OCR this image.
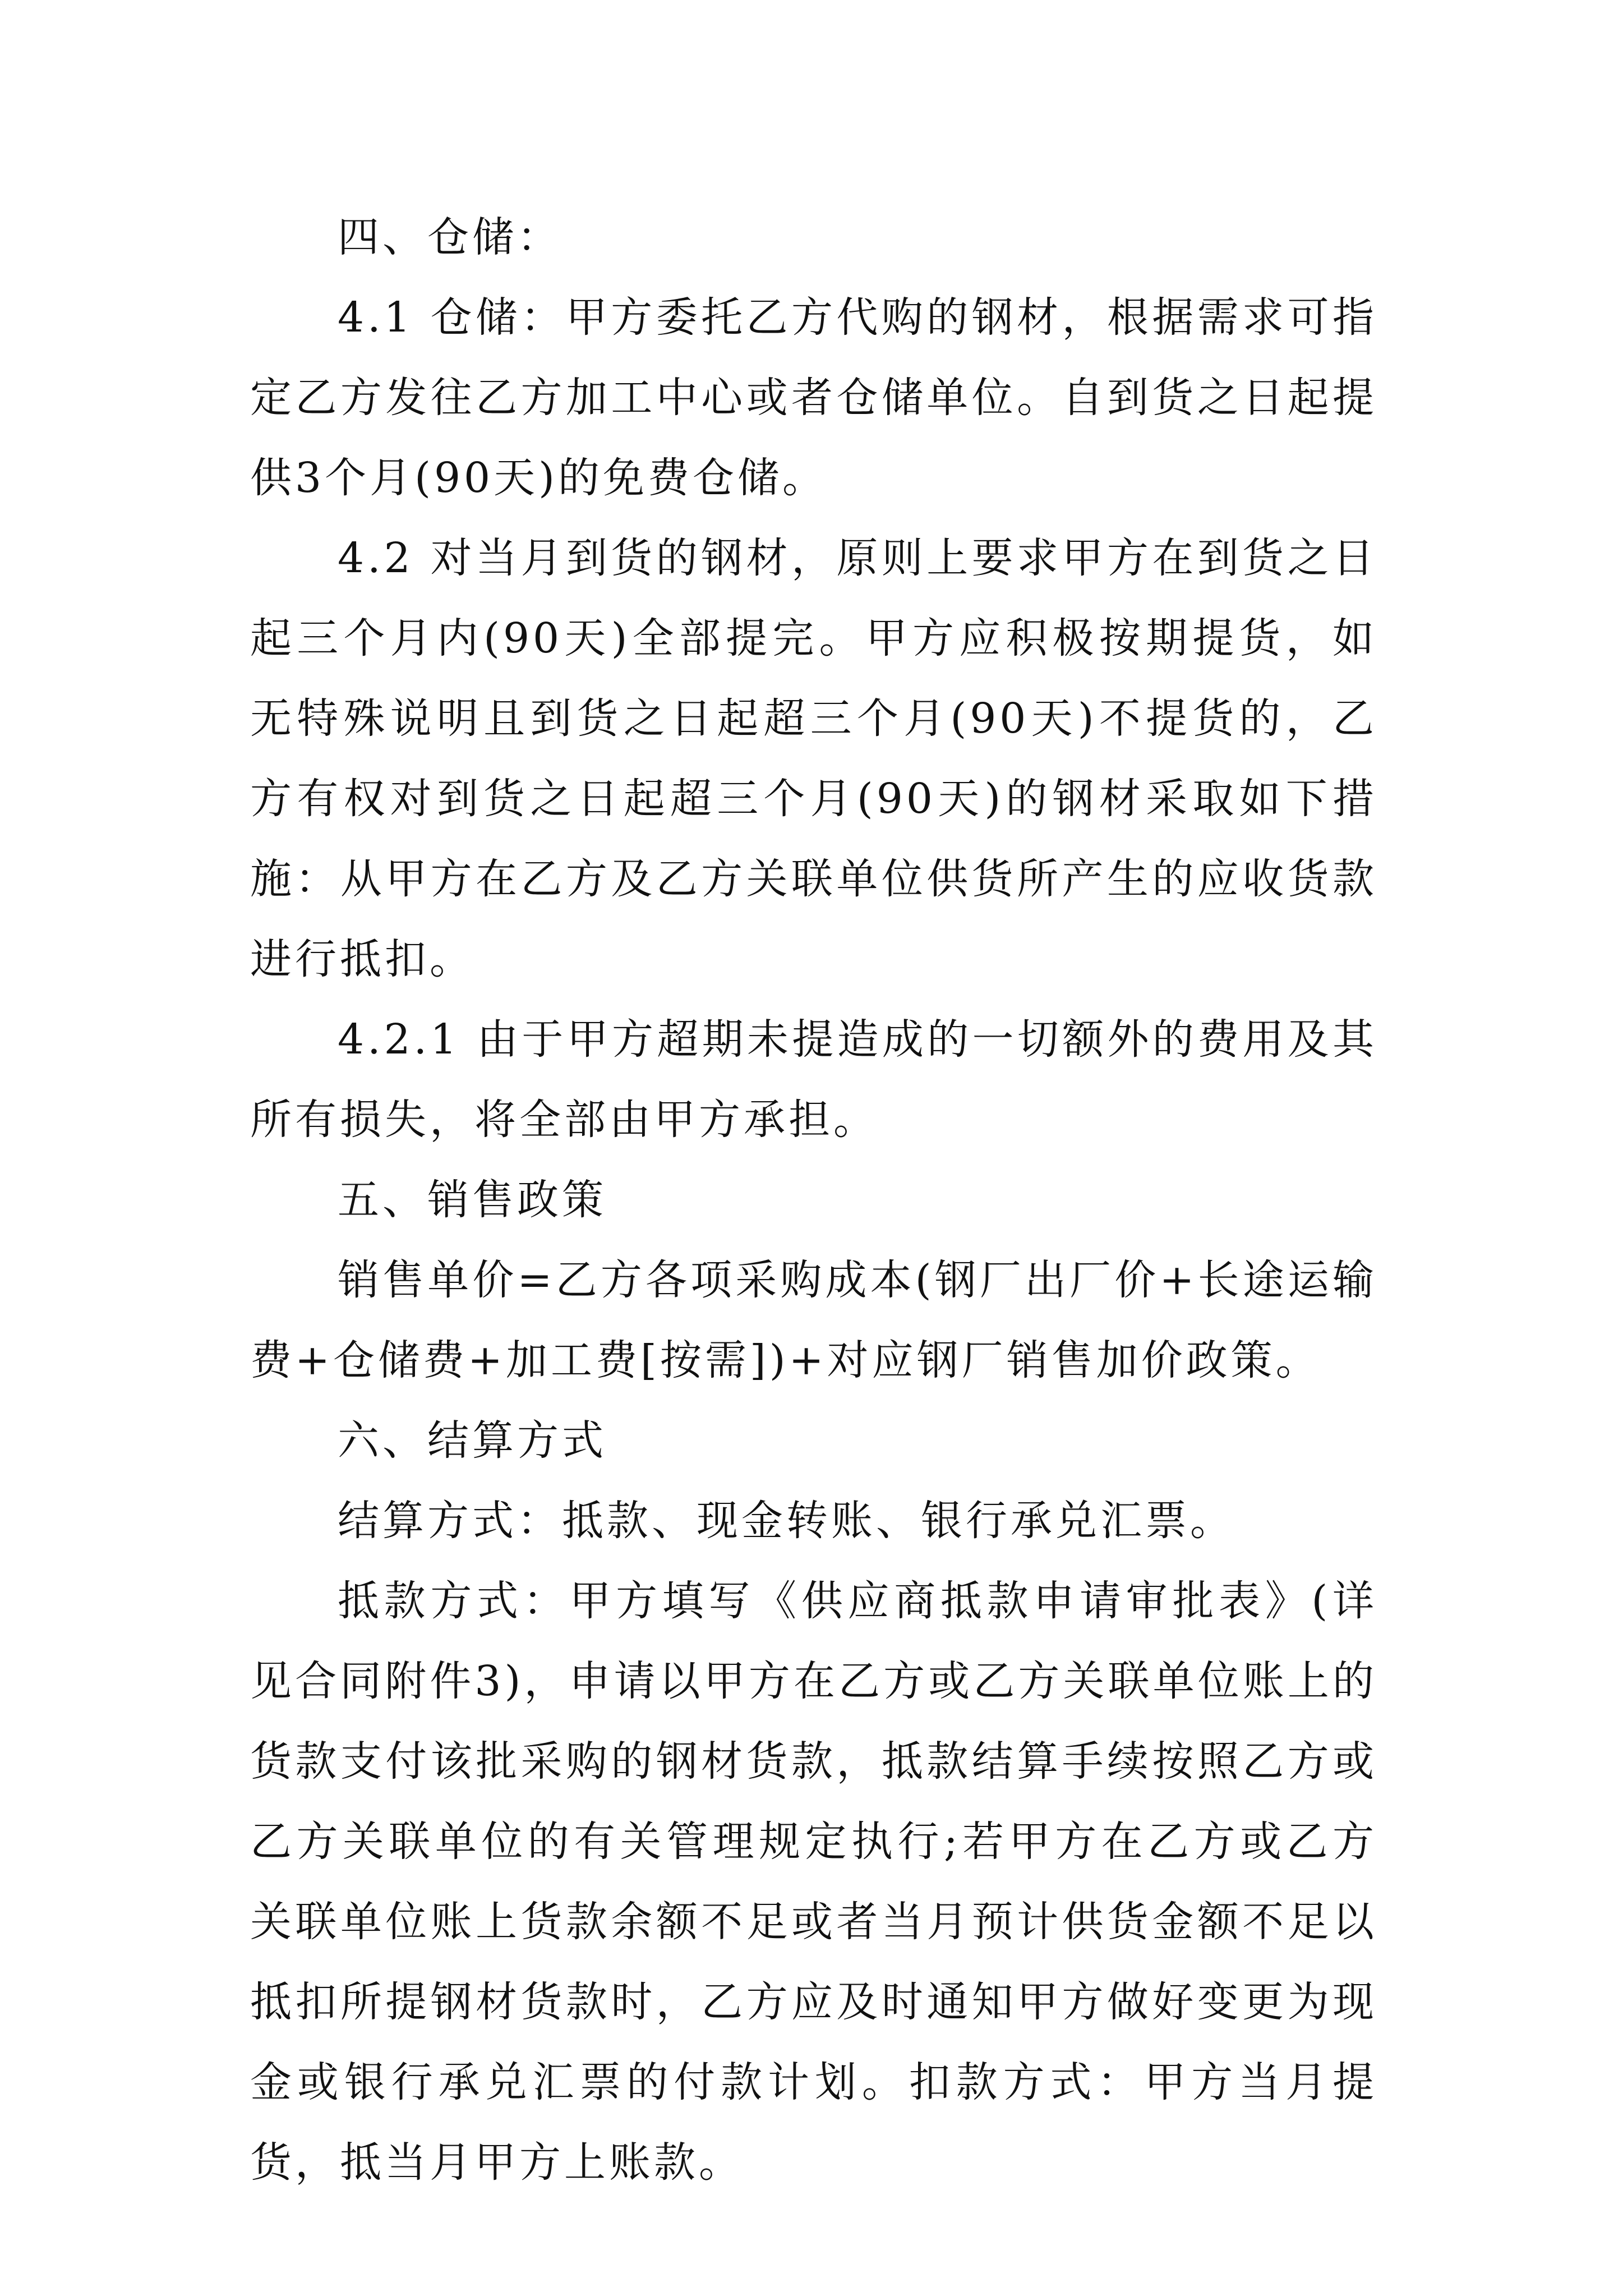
四、仓储：

4.1 仓储：甲方委托乙方代购的钢材，根据需求可指定乙方发往乙方加工中心或者仓储单位。自到货之日起提供3个月(90天)的免费仓储。

4.2 对当月到货的钢材，原则上要求甲方在到货之日起三个月内(90天)全部提完。甲方应积极按期提货，如无特殊说明且到货之日起超三个月(90天)不提货的，乙方有权对到货之日起超三个月(90天)的钢材采取如下措施：从甲方在乙方及乙方关联单位供货所产生的应收货款进行抵扣。

4.2.1 由于甲方超期未提造成的一切额外的费用及其所有损失，将全部由甲方承担。

五、销售政策

销售单价=乙方各项采购成本(钢厂出厂价+长途运输费+仓储费+加工费[按需])+对应钢厂销售加价政策。

六、结算方式

结算方式：抵款、现金转账、银行承兑汇票。

抵款方式：甲方填写《供应商抵款申请审批表》(详见合同附件3)，申请以甲方在乙方或乙方关联单位账上的货款支付该批采购的钢材货款，抵款结算手续按照乙方或乙方关联单位的有关管理规定执行;若甲方在乙方或乙方关联单位账上货款余额不足或者当月预计供货金额不足以抵扣所提钢材货款时，乙方应及时通知甲方做好变更为现金或银行承兑汇票的付款计划。扣款方式：甲方当月提货，抵当月甲方上账款。
